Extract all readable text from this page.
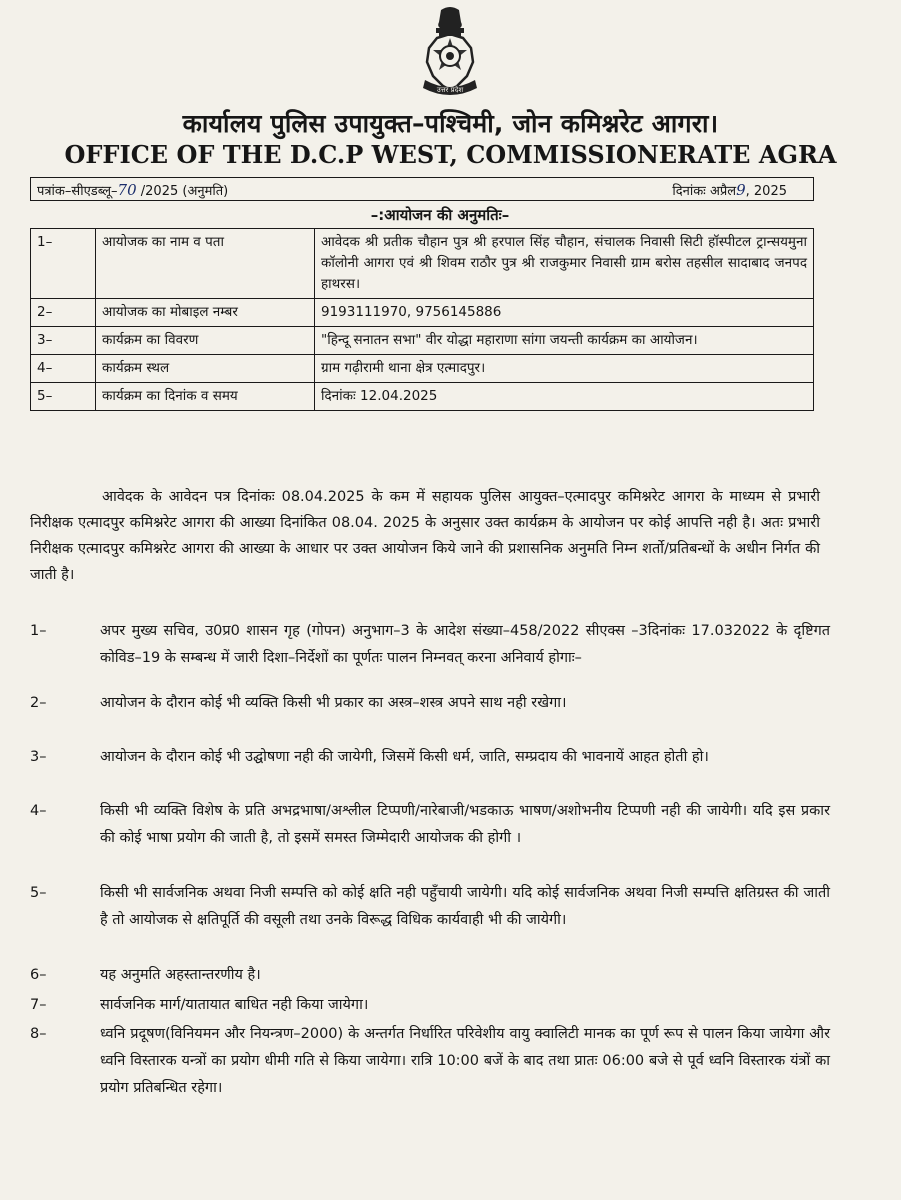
उत्तर प्रदेश
कार्यालय पुलिस उपायुक्त–पश्चिमी, जोन कमिश्नरेट आगरा।
OFFICE OF THE D.C.P WEST, COMMISSIONERATE AGRA
पत्रांक–सीएडब्लू–70 /2025 (अनुमति)	दिनांकः अप्रैल9, 2025
–:आयोजन की अनुमतिः–
1–	आयोजक का नाम व पता	आवेदक श्री प्रतीक चौहान पुत्र श्री हरपाल सिंह चौहान, संचालक निवासी सिटी हॉस्पीटल ट्रान्सयमुना कॉलोनी आगरा एवं श्री शिवम राठौर पुत्र श्री राजकुमार निवासी ग्राम बरोस तहसील सादाबाद जनपद हाथरस।
2–	आयोजक का मोबाइल नम्बर	9193111970, 9756145886
3–	कार्यक्रम का विवरण	"हिन्दू सनातन सभा" वीर योद्धा महाराणा सांगा जयन्ती कार्यक्रम का आयोजन।
4–	कार्यक्रम स्थल	ग्राम गढ़ीरामी थाना क्षेत्र एत्मादपुर।
5–	कार्यक्रम का दिनांक व समय	दिनांकः 12.04.2025
आवेदक के आवेदन पत्र दिनांकः 08.04.2025 के कम में सहायक पुलिस आयुक्त–एत्मादपुर कमिश्नरेट आगरा के माध्यम से प्रभारी निरीक्षक एत्मादपुर कमिश्नरेट आगरा की आख्या दिनांकित 08.04. 2025 के अनुसार उक्त कार्यक्रम के आयोजन पर कोई आपत्ति नही है। अतः प्रभारी निरीक्षक एत्मादपुर कमिश्नरेट आगरा की आख्या के आधार पर उक्त आयोजन किये जाने की प्रशासनिक अनुमति निम्न शर्तो/प्रतिबन्धों के अधीन निर्गत की जाती है।
1–	अपर मुख्य सचिव, उ0प्र0 शासन गृह (गोपन) अनुभाग–3 के आदेश संख्या–458/2022 सीएक्स –3दिनांकः 17.032022 के दृष्टिगत कोविड–19 के सम्बन्ध में जारी दिशा–निर्देशों का पूर्णतः पालन निम्नवत् करना अनिवार्य होगाः–
2–	आयोजन के दौरान कोई भी व्यक्ति किसी भी प्रकार का अस्त्र–शस्त्र अपने साथ नही रखेगा।
3–	आयोजन के दौरान कोई भी उद्घोषणा नही की जायेगी, जिसमें किसी धर्म, जाति, सम्प्रदाय की भावनायें आहत होती हो।
4–	किसी भी व्यक्ति विशेष के प्रति अभद्रभाषा/अश्लील टिप्पणी/नारेबाजी/भडकाऊ भाषण/अशोभनीय टिप्पणी नही की जायेगी। यदि इस प्रकार की कोई भाषा प्रयोग की जाती है, तो इसमें समस्त जिम्मेदारी आयोजक की होगी ।
5–	किसी भी सार्वजनिक अथवा निजी सम्पत्ति को कोई क्षति नही पहुँचायी जायेगी। यदि कोई सार्वजनिक अथवा निजी सम्पत्ति क्षतिग्रस्त की जाती है तो आयोजक से क्षतिपूर्ति की वसूली तथा उनके विरूद्ध विधिक कार्यवाही भी की जायेगी।
6–	यह अनुमति अहस्तान्तरणीय है।
7–	सार्वजनिक मार्ग/यातायात बाधित नही किया जायेगा।
8–	ध्वनि प्रदूषण(विनियमन और नियन्त्रण–2000) के अन्तर्गत निर्धारित परिवेशीय वायु क्वालिटी मानक का पूर्ण रूप से पालन किया जायेगा और ध्वनि विस्तारक यन्त्रों का प्रयोग धीमी गति से किया जायेगा। रात्रि 10:00 बजें के बाद तथा प्रातः 06:00 बजे से पूर्व ध्वनि विस्तारक यंत्रों का प्रयोग प्रतिबन्धित रहेगा।
